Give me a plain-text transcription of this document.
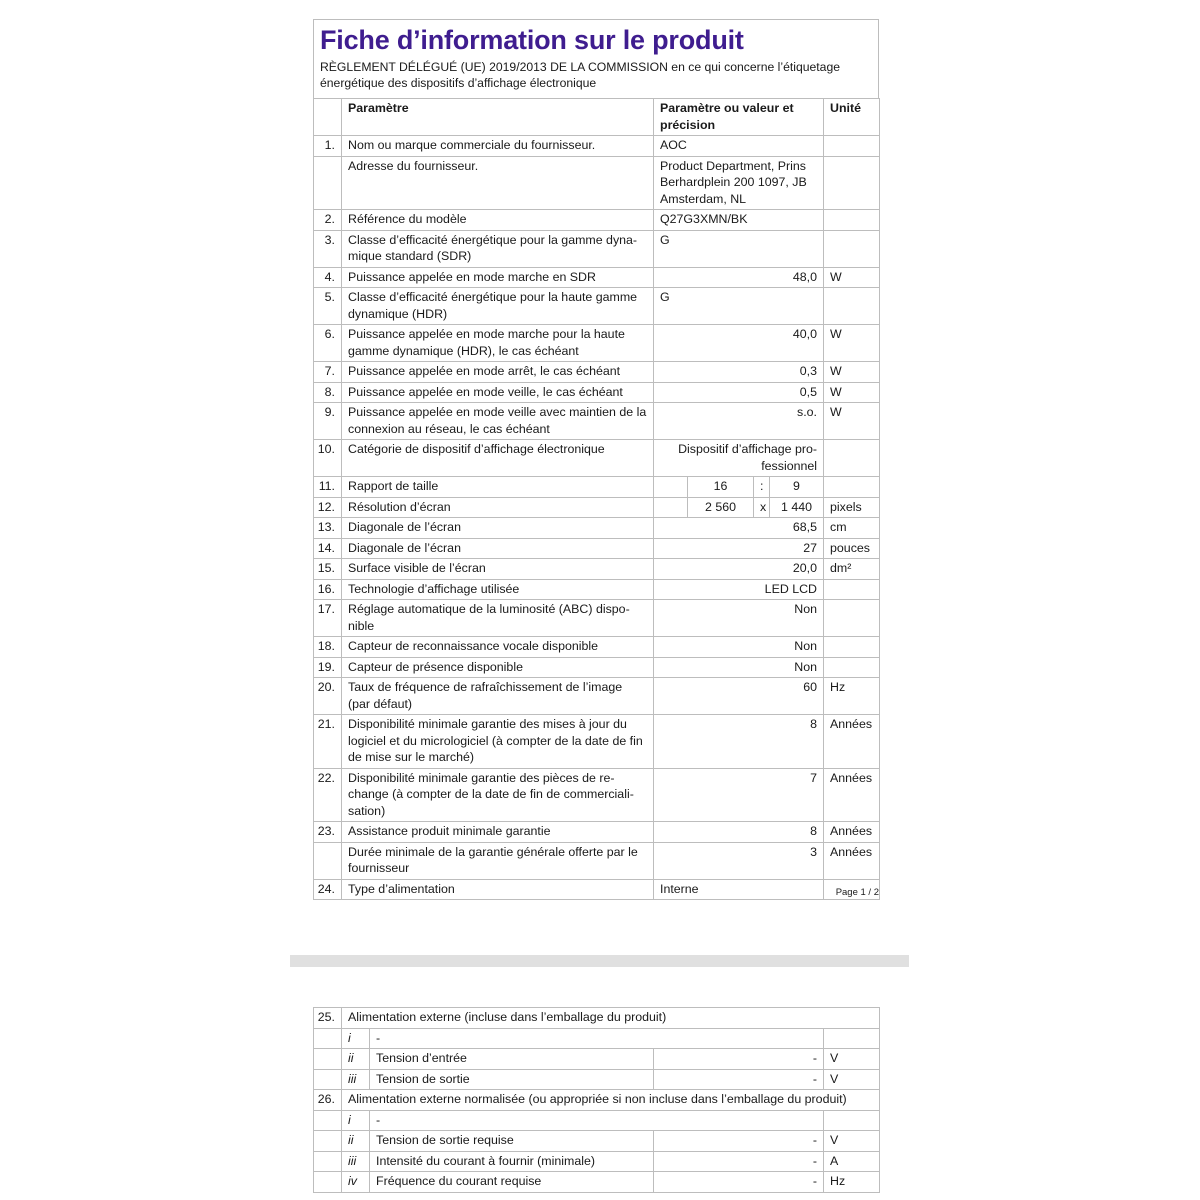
Fiche d’information sur le produit
RÈGLEMENT DÉLÉGUÉ (UE) 2019/2013 DE LA COMMISSION en ce qui concerne l’étiquetage énergétique des dispositifs d’affichage électronique
	Paramètre	Paramètre ou valeur et précision				Unité
1.	Nom ou marque commerciale du fournisseur.	AOC				
	Adresse du fournisseur.	Product Department, Prins Berhardplein 200 1097, JB Amsterdam, NL				
2.	Référence du modèle	Q27G3XMN/BK				
3.	Classe d’efficacité énergétique pour la gamme dyna-mique standard (SDR)	G				
4.	Puissance appelée en mode marche en SDR	48,0				W
5.	Classe d’efficacité énergétique pour la haute gamme dynamique (HDR)	G				
6.	Puissance appelée en mode marche pour la haute gamme dynamique (HDR), le cas échéant	40,0				W
7.	Puissance appelée en mode arrêt, le cas échéant	0,3				W
8.	Puissance appelée en mode veille, le cas échéant	0,5				W
9.	Puissance appelée en mode veille avec maintien de la connexion au réseau, le cas échéant	s.o.				W
10.	Catégorie de dispositif d’affichage électronique	Dispositif d’affichage pro-fessionnel				
11.	Rapport de taille		16	:	9	
12.	Résolution d’écran		2 560	x	1 440	pixels
13.	Diagonale de l’écran	68,5				cm
14.	Diagonale de l’écran	27				pouces
15.	Surface visible de l’écran	20,0				dm²
16.	Technologie d’affichage utilisée	LED LCD				
17.	Réglage automatique de la luminosité (ABC) dispo-nible	Non				
18.	Capteur de reconnaissance vocale disponible	Non				
19.	Capteur de présence disponible	Non				
20.	Taux de fréquence de rafraîchissement de l’image (par défaut)	60				Hz
21.	Disponibilité minimale garantie des mises à jour du logiciel et du micrologiciel (à compter de la date de fin de mise sur le marché)	8				Années
22.	Disponibilité minimale garantie des pièces de re-change (à compter de la date de fin de commerciali-sation)	7				Années
23.	Assistance produit minimale garantie	8				Années
	Durée minimale de la garantie générale offerte par le fournisseur	3				Années
24.	Type d’alimentation	Interne					Page 1 / 2
25.	Alimentation externe (incluse dans l’emballage du produit)			
	i	-		
	ii	Tension d’entrée	-	V
	iii	Tension de sortie	-	V
26.	Alimentation externe normalisée (ou appropriée si non incluse dans l’emballage du produit)			
	i	-		
	ii	Tension de sortie requise	-	V
	iii	Intensité du courant à fournir (minimale)	-	A
	iv	Fréquence du courant requise	-	Hz
